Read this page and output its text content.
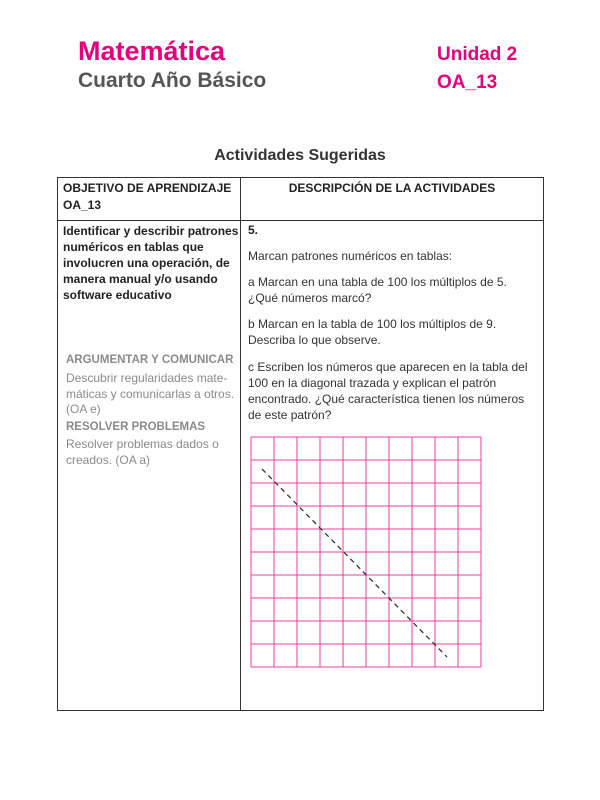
Matemática
Cuarto Año Básico
Unidad 2
OA_13
Actividades Sugeridas
OBJETIVO DE APRENDIZAJE
OA_13
DESCRIPCIÓN DE LA ACTIVIDADES
Identificar y describir patrones numéricos en tablas que involucren una operación, de manera manual y/o usando software educativo
ARGUMENTAR Y COMUNICAR
Descubrir regularidades mate-
máticas y comunicarlas a otros.
(OA e)
RESOLVER PROBLEMAS
Resolver problemas dados o
creados. (OA a)
5.
Marcan patrones numéricos en tablas:
a Marcan en una tabla de 100 los múltiplos de 5. ¿Qué números marcó?
b Marcan en la tabla de 100 los múltiplos de 9. Describa lo que observe.
c Escriben los números que aparecen en la tabla del 100 en la diagonal trazada y explican el patrón encontrado. ¿Qué característica tienen los números de este patrón?
